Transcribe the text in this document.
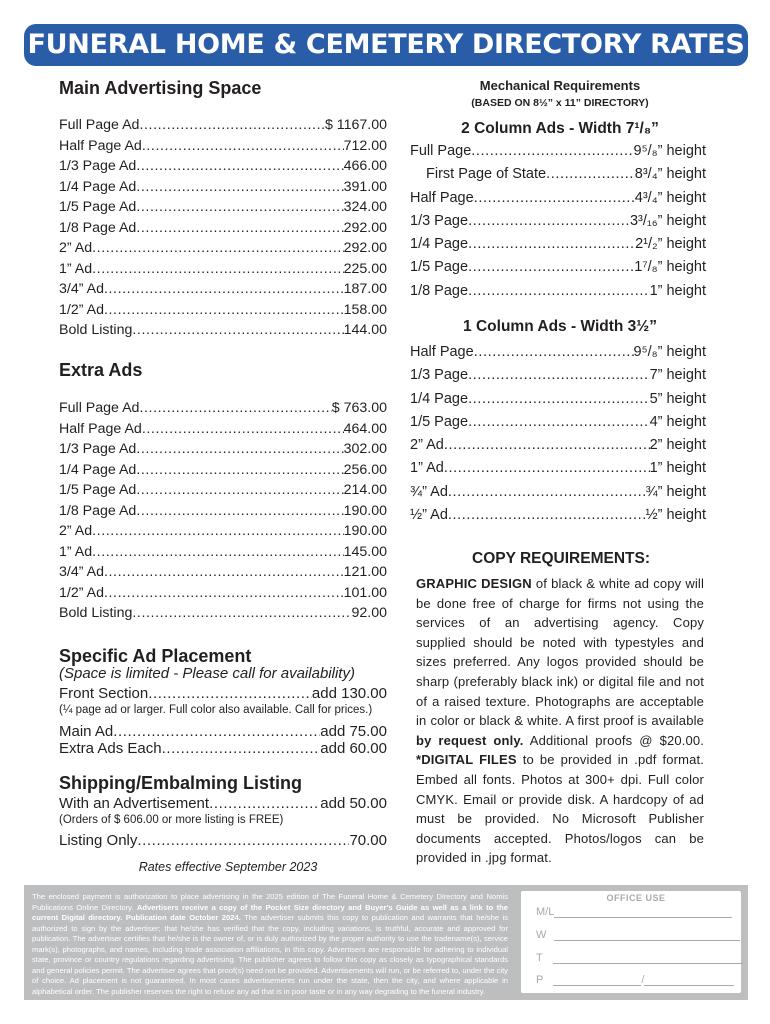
FUNERAL HOME & CEMETERY DIRECTORY RATES
Main Advertising Space
Full Page Ad .....	$ 1167.00
Half Page Ad .....	712.00
1/3 Page Ad .....	466.00
1/4 Page Ad .....	391.00
1/5 Page Ad .....	324.00
1/8 Page Ad .....	292.00
2” Ad .....	292.00
1” Ad .....	225.00
3/4” Ad .....	187.00
1/2” Ad .....	158.00
Bold Listing .....	144.00
Extra Ads
Full Page Ad .....	$ 763.00
Half Page Ad .....	464.00
1/3 Page Ad .....	302.00
1/4 Page Ad .....	256.00
1/5 Page Ad .....	214.00
1/8 Page Ad .....	190.00
2” Ad .....	190.00
1” Ad .....	145.00
3/4” Ad .....	121.00
1/2” Ad .....	101.00
Bold Listing .....	92.00
Specific Ad Placement
(Space is limited - Please call for availability)
Front Section .....	add 130.00
(¼ page ad or larger. Full color also available. Call for prices.)
Main Ad .....	add 75.00
Extra Ads Each .....	add 60.00
Shipping/Embalming Listing
With an Advertisement .....	add 50.00
(Orders of $ 606.00 or more listing is FREE)
Listing Only .....	70.00
Rates effective September 2023
Mechanical Requirements
(BASED ON 8½” x 11” DIRECTORY)
2 Column Ads - Width 7¹/₈”
Full Page .....	9⁵/₈” height
First Page of State .....	8³/₄” height
Half Page .....	4³/₄” height
1/3 Page .....	3³/₁₆” height
1/4 Page .....	2¹/₂” height
1/5 Page .....	1⁷/₈” height
1/8 Page .....	1” height
1 Column Ads - Width 3½”
Half Page .....	9⁵/₈” height
1/3 Page .....	7” height
1/4 Page .....	5” height
1/5 Page .....	4” height
2” Ad .....	2” height
1” Ad .....	1” height
¾” Ad .....	¾” height
½” Ad .....	½” height
COPY REQUIREMENTS:
GRAPHIC DESIGN of black & white ad copy will be done free of charge for firms not using the services of an advertising agency. Copy supplied should be noted with typestyles and sizes preferred. Any logos provided should be sharp (preferably black ink) or digital file and not of a raised texture. Photographs are acceptable in color or black & white. A first proof is available by request only. Additional proofs @ $20.00. *DIGITAL FILES to be provided in .pdf format. Embed all fonts. Photos at 300+ dpi. Full color CMYK. Email or provide disk. A hardcopy of ad must be provided. No Microsoft Publisher documents accepted. Photos/logos can be provided in .jpg format.
The enclosed payment is authorization to place advertising in the 2025 edition of The Funeral Home & Cemetery Directory and Nomis Publications Online Directory. Advertisers receive a copy of the Pocket Size directory and Buyer's Guide as well as a link to the current Digital directory. Publication date October 2024. The advertiser submits this copy to publication and warrants that he/she is authorized to sign by the advertiser; that he/she has verified that the copy, including variations, is truthful, accurate and approved for publication. The advertiser certifies that he/she is the owner of, or is duly authorized by the proper authority to use the tradename(s), service mark(s), photographs, and names, including trade association affiliations, in this copy. Advertisers are responsible for adhering to individual state, province or country regulations regarding advertising. The publisher agrees to follow this copy as closely as typographical standards and general policies permit. The advertiser agrees that proof(s) need not be provided. Advertisements will run, or be referred to, under the city of choice. Ad placement is not guaranteed. In most cases advertisements run under the state, then the city, and where applicable in alphabetical order. The publisher reserves the right to refuse any ad that is in poor taste or in any way degrading to the funeral industry.
OFFICE USE
M/L
W
T
P	/
